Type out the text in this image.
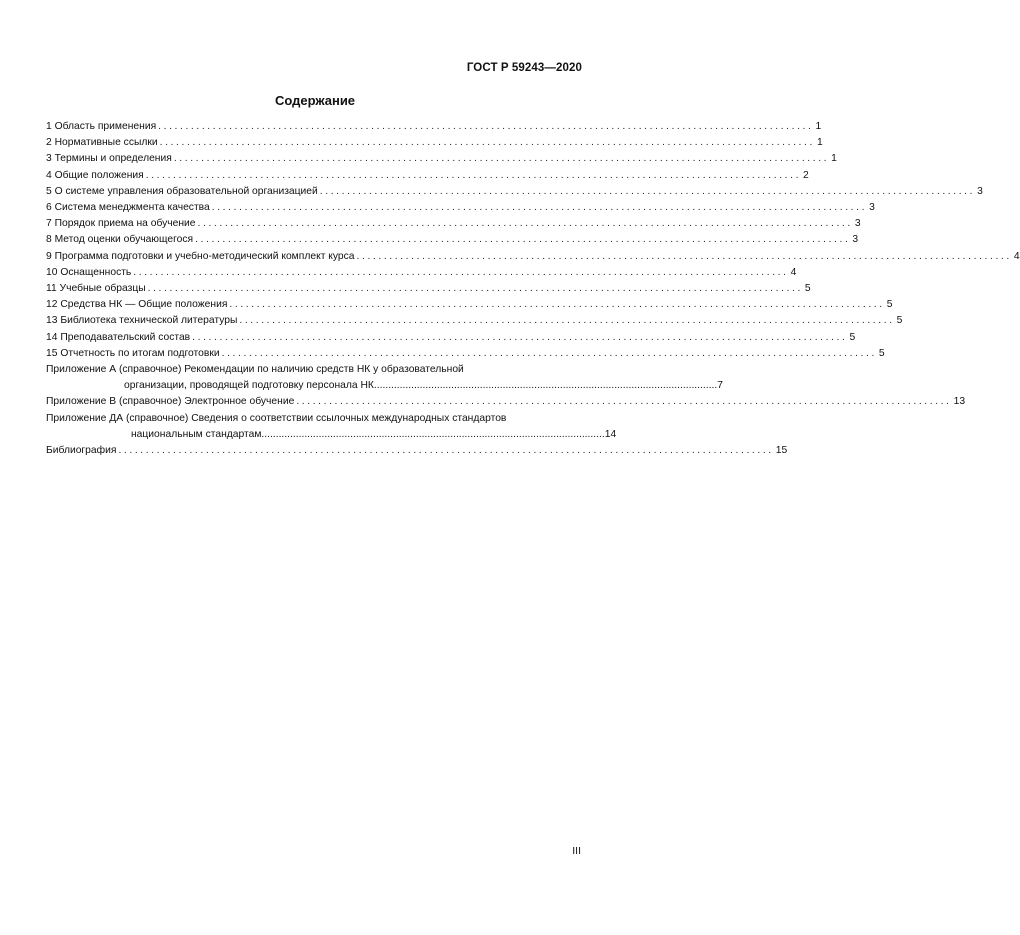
ГОСТ Р 59243—2020
Содержание
1 Область применения ........................................................................................................................ 1
2 Нормативные ссылки ........................................................................................................................ 1
3 Термины и определения ........................................................................................................................ 1
4 Общие положения ........................................................................................................................ 2
5 О системе управления образовательной организацией ........................................................................................................................ 3
6 Система менеджмента качества ........................................................................................................................ 3
7 Порядок приема на обучение ........................................................................................................................ 3
8 Метод оценки обучающегося ........................................................................................................................ 3
9 Программа подготовки и учебно-методический комплект курса ........................................................................................................................ 4
10 Оснащенность ........................................................................................................................ 4
11 Учебные образцы ........................................................................................................................ 5
12 Средства НК — Общие положения ........................................................................................................................ 5
13 Библиотека технической литературы ........................................................................................................................ 5
14 Преподавательский состав ........................................................................................................................ 5
15 Отчетность по итогам подготовки ........................................................................................................................ 5
Приложение А (справочное) Рекомендации по наличию средств НК у образовательной
организации, проводящей подготовку персонала НК ........................................................................................................................ 7
Приложение В (справочное) Электронное обучение ........................................................................................................................ 13
Приложение ДА (справочное) Сведения о соответствии ссылочных международных стандартов
национальным стандартам ........................................................................................................................ 14
Библиография ........................................................................................................................ 15
III
